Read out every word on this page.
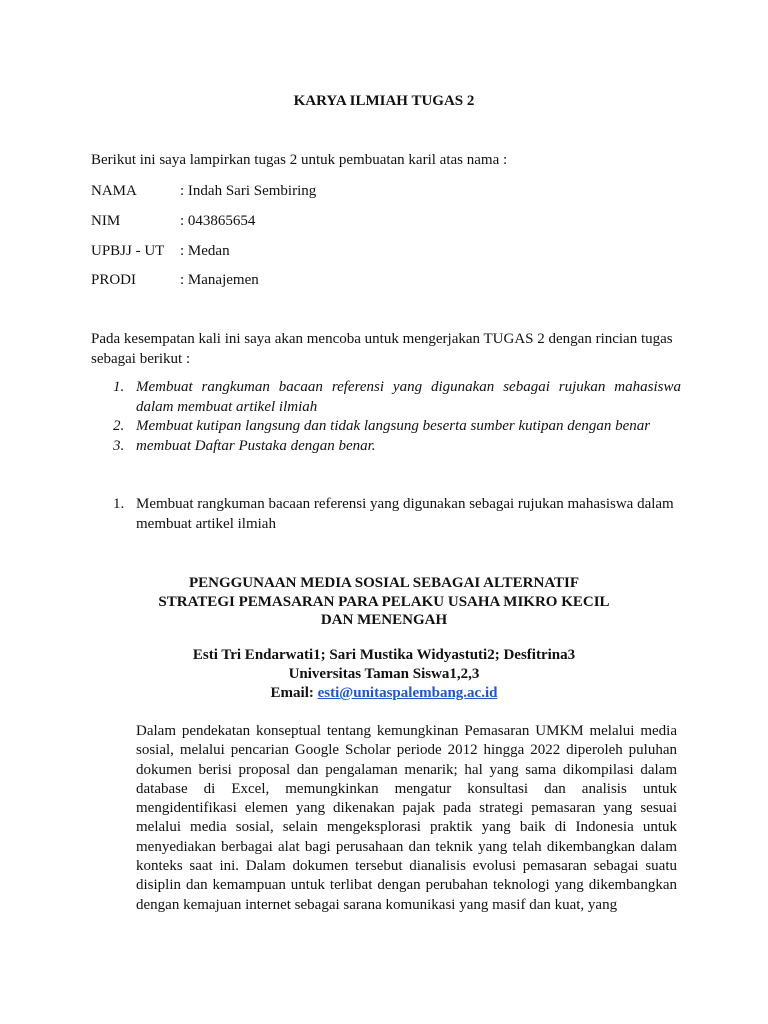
KARYA ILMIAH TUGAS 2
Berikut ini saya lampirkan tugas 2 untuk pembuatan karil atas nama :
NAMA	: Indah Sari Sembiring
NIM	: 043865654
UPBJJ - UT : Medan
PRODI	: Manajemen
Pada kesempatan kali ini saya akan mencoba untuk mengerjakan TUGAS 2 dengan rincian tugas sebagai berikut :
1. Membuat rangkuman bacaan referensi yang digunakan sebagai rujukan mahasiswa dalam membuat artikel ilmiah
2. Membuat kutipan langsung dan tidak langsung beserta sumber kutipan dengan benar
3. membuat Daftar Pustaka dengan benar.
1. Membuat rangkuman bacaan referensi yang digunakan sebagai rujukan mahasiswa dalam membuat artikel ilmiah
PENGGUNAAN MEDIA SOSIAL SEBAGAI ALTERNATIF
STRATEGI PEMASARAN PARA PELAKU USAHA MIKRO KECIL
DAN MENENGAH
Esti Tri Endarwati1; Sari Mustika Widyastuti2; Desfitrina3
Universitas Taman Siswa1,2,3
Email: esti@unitaspalembang.ac.id
Dalam pendekatan konseptual tentang kemungkinan Pemasaran UMKM melalui media sosial, melalui pencarian Google Scholar periode 2012 hingga 2022 diperoleh puluhan dokumen berisi proposal dan pengalaman menarik; hal yang sama dikompilasi dalam database di Excel, memungkinkan mengatur konsultasi dan analisis untuk mengidentifikasi elemen yang dikenakan pajak pada strategi pemasaran yang sesuai melalui media sosial, selain mengeksplorasi praktik yang baik di Indonesia untuk menyediakan berbagai alat bagi perusahaan dan teknik yang telah dikembangkan dalam konteks saat ini. Dalam dokumen tersebut dianalisis evolusi pemasaran sebagai suatu disiplin dan kemampuan untuk terlibat dengan perubahan teknologi yang dikembangkan dengan kemajuan internet sebagai sarana komunikasi yang masif dan kuat, yang
